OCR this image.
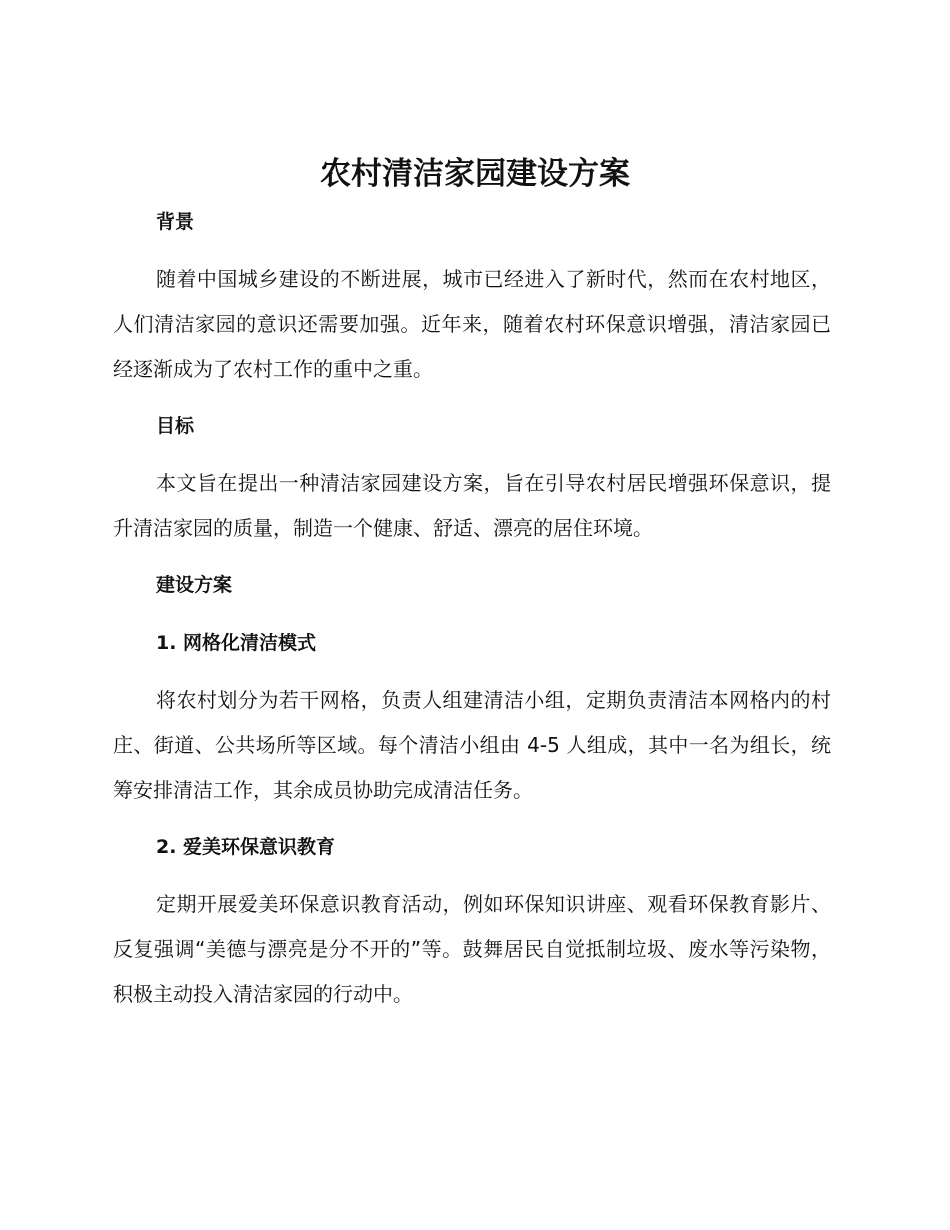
农村清洁家园建设方案
背景
随着中国城乡建设的不断进展，城市已经进入了新时代，然而在农村地区，人们清洁家园的意识还需要加强。近年来，随着农村环保意识增强，清洁家园已经逐渐成为了农村工作的重中之重。
目标
本文旨在提出一种清洁家园建设方案，旨在引导农村居民增强环保意识，提升清洁家园的质量，制造一个健康、舒适、漂亮的居住环境。
建设方案
1. 网格化清洁模式
将农村划分为若干网格，负责人组建清洁小组，定期负责清洁本网格内的村庄、街道、公共场所等区域。每个清洁小组由 4-5 人组成，其中一名为组长，统筹安排清洁工作，其余成员协助完成清洁任务。
2. 爱美环保意识教育
定期开展爱美环保意识教育活动，例如环保知识讲座、观看环保教育影片、反复强调“美德与漂亮是分不开的”等。鼓舞居民自觉抵制垃圾、废水等污染物，积极主动投入清洁家园的行动中。
